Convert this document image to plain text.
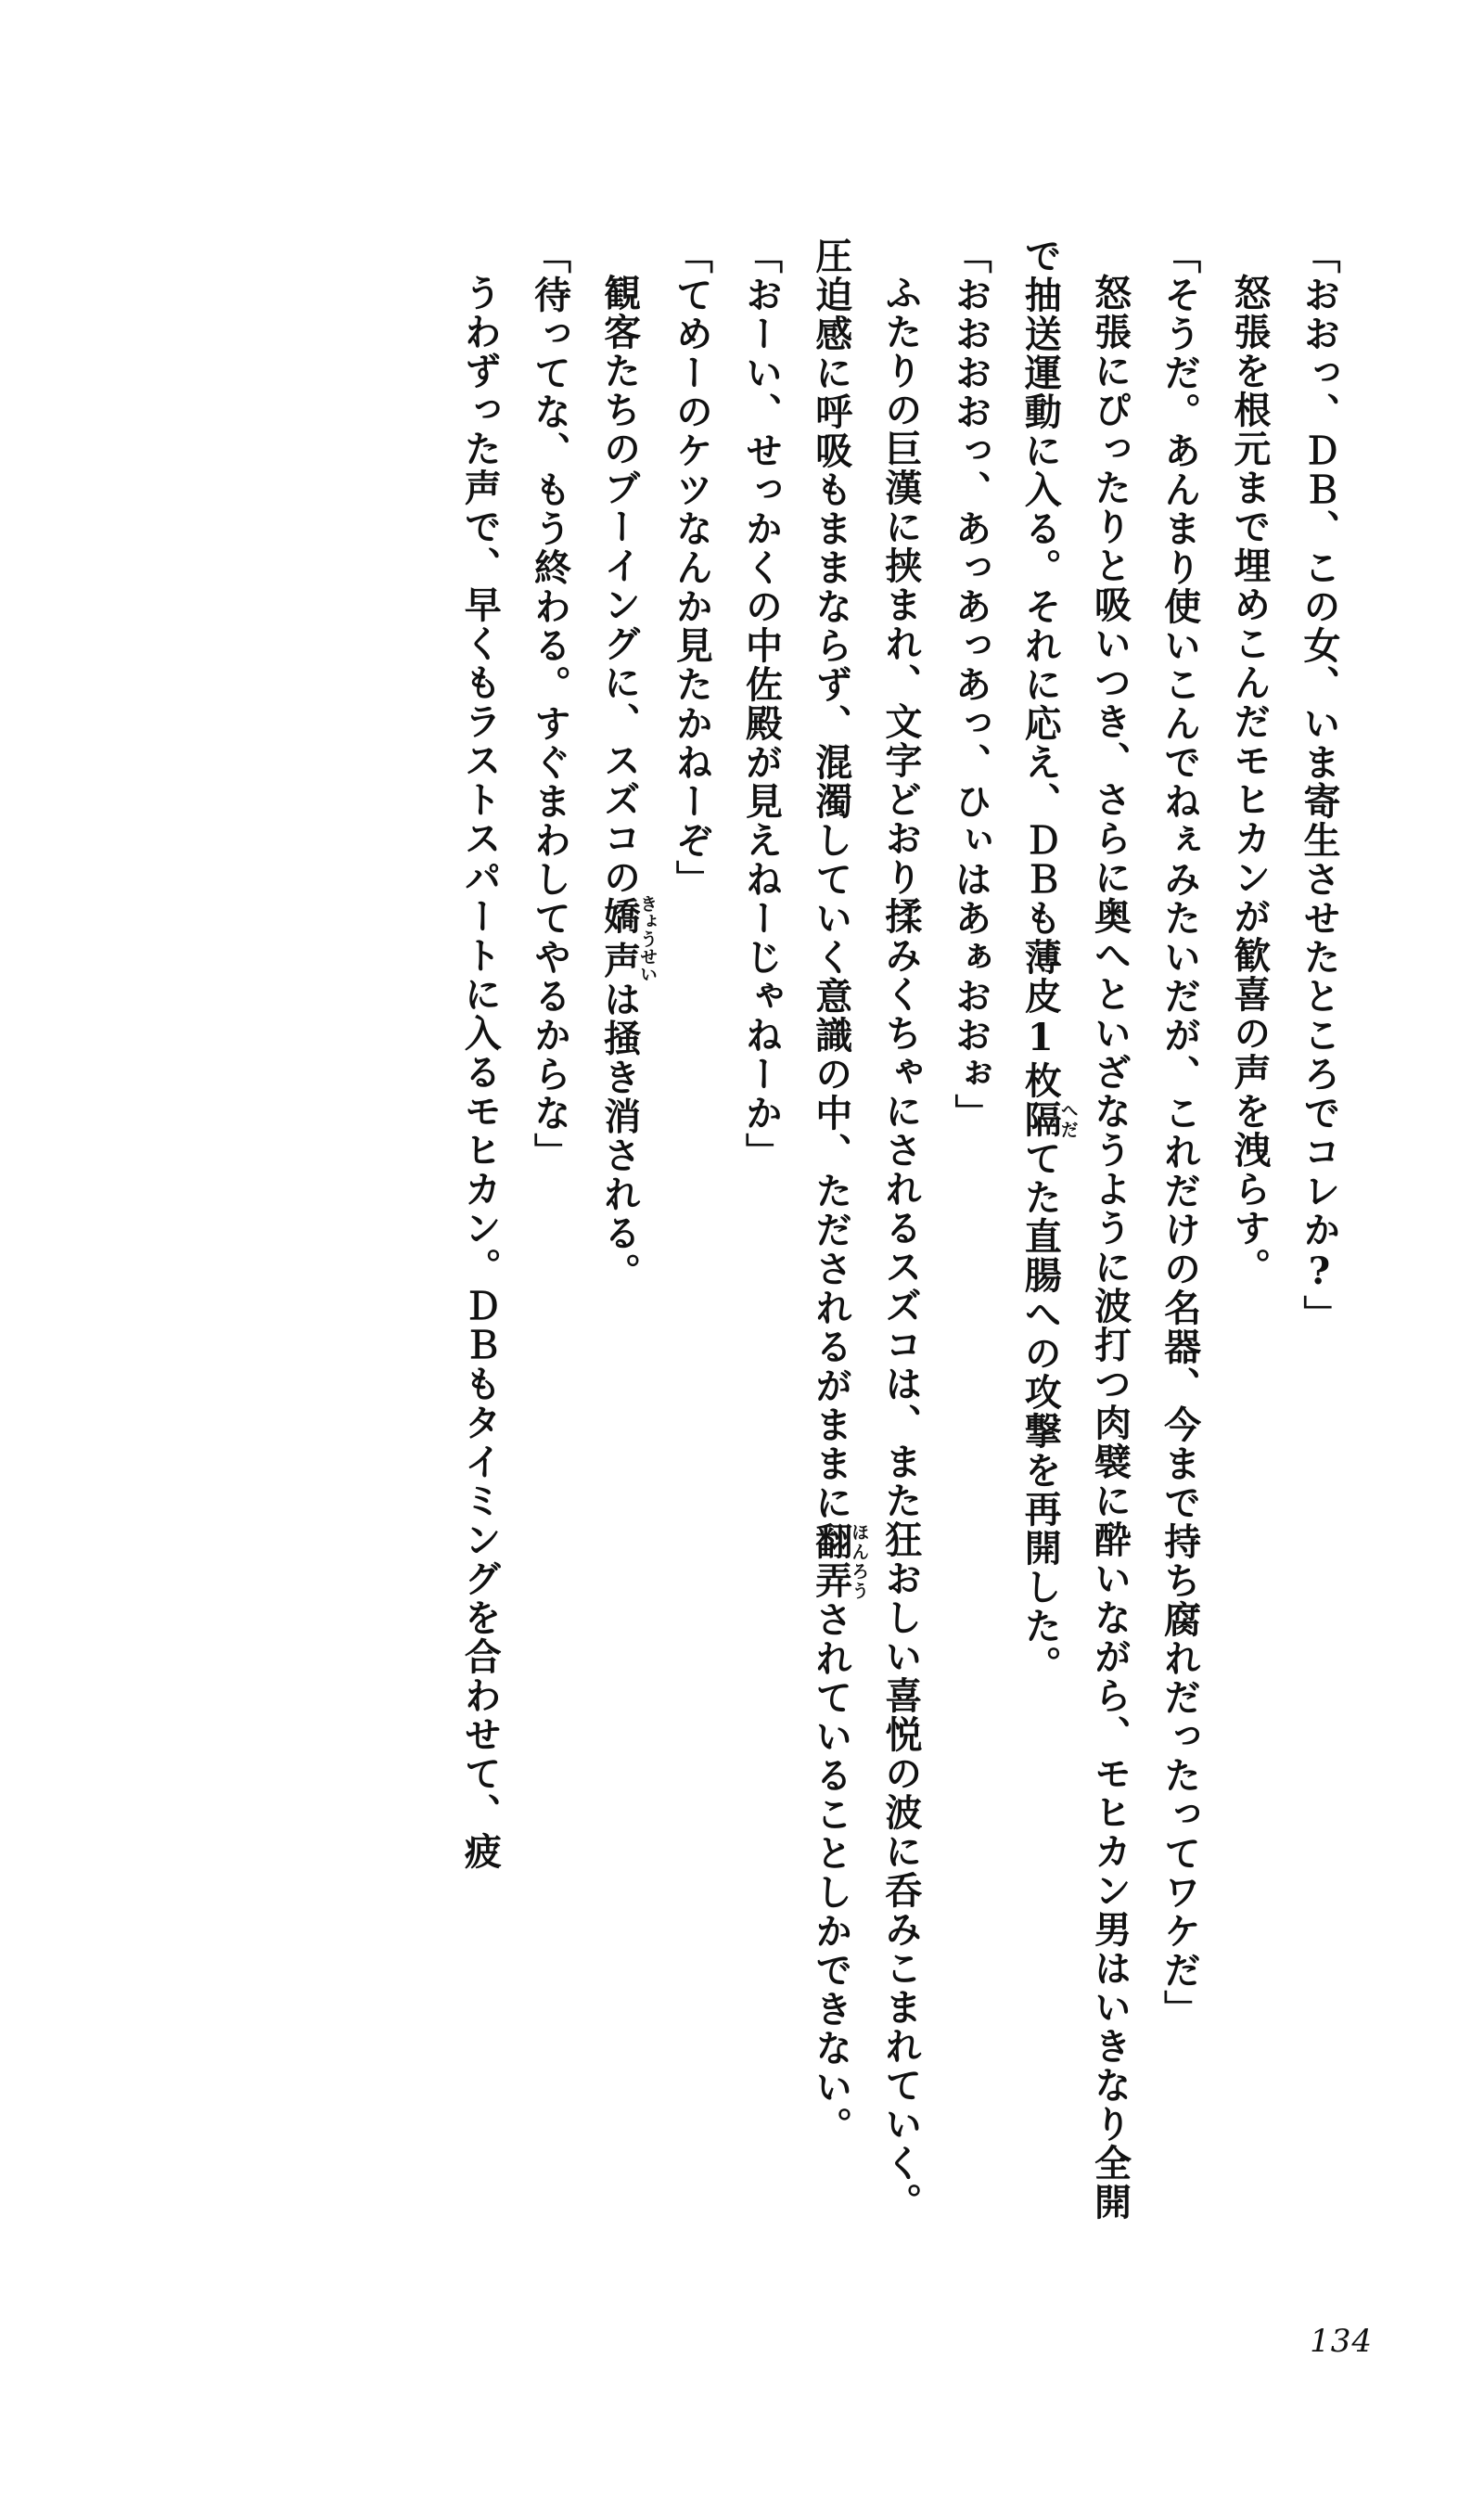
「おおっ、ＤＢ、この女、いま寄生させたところでコレか?」

怒張を根元まで埋めこんだモヒカンが歓喜の声を洩らす。

「そうだ。あんまり使いこんでねぇみたいだが、これだけの名器、今まで持ち腐れだったってワケだ」

怒張にぴったりと吸いつき、さらに奥へといざなうように波打つ肉襞に酔いながら、モヒカン男はいきなり全開で抽送運動に入る。それに応え、ＤＢも薄皮1枚隔へだてた直腸への攻撃を再開した。

「おおおおっ、あっあっあっ、ひぃはあぁおおぉ」

ふたりの巨漢に挟まれ、文字どおり揉みくちゃにされるスズコは、また狂おしい喜悦の波に呑みこまれていく。圧迫感に呼吸もままならず、混濁していく意識の中、ただされるがままに翻弄ほんろうされていることしかできない。

「おーい、せっかくの中佐殿が見えねーじゃねーか」

「てめーのケツなんか見たかねーぞ」

観客たちのブーイングに、スズコの嬌声きょうせいは掻き消される。

「待ってな、もう終わる。すぐまわしてやるからな」

うわずった声で、早くもラストスパートに入るモヒカン。ＤＢもタイミングを合わせて、疲

134
